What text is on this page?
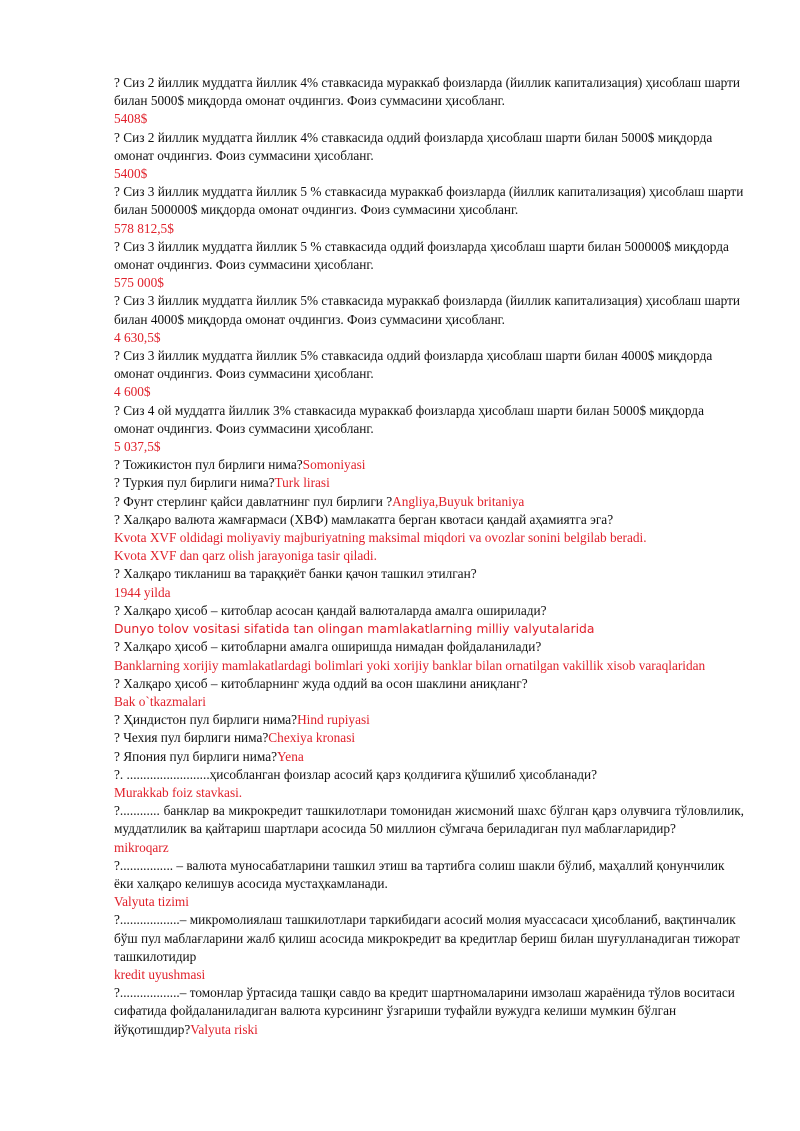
? Сиз 2 йиллик муддатга йиллик 4% ставкасида мураккаб фоизларда (йиллик капитализация) ҳисоблаш шарти билан 5000$ миқдорда омонат очдингиз. Фоиз суммасини ҳисобланг.
5408$
? Сиз 2 йиллик муддатга йиллик 4% ставкасида оддий фоизларда ҳисоблаш шарти билан 5000$ миқдорда омонат очдингиз. Фоиз суммасини ҳисобланг.
5400$
? Сиз 3 йиллик муддатга йиллик 5 % ставкасида мураккаб фоизларда (йиллик капитализация) ҳисоблаш шарти билан 500000$ миқдорда омонат очдингиз. Фоиз суммасини ҳисобланг.
578 812,5$
? Сиз 3 йиллик муддатга йиллик 5 % ставкасида оддий фоизларда ҳисоблаш шарти билан 500000$ миқдорда омонат очдингиз. Фоиз суммасини ҳисобланг.
575 000$
? Сиз 3 йиллик муддатга йиллик 5% ставкасида мураккаб фоизларда (йиллик капитализация) ҳисоблаш шарти билан 4000$ миқдорда омонат очдингиз. Фоиз суммасини ҳисобланг.
4 630,5$
? Сиз 3 йиллик муддатга йиллик 5% ставкасида оддий фоизларда ҳисоблаш шарти билан 4000$ миқдорда омонат очдингиз. Фоиз суммасини ҳисобланг.
4 600$
? Сиз 4 ой муддатга йиллик 3% ставкасида мураккаб фоизларда ҳисоблаш шарти билан 5000$ миқдорда омонат очдингиз. Фоиз суммасини ҳисобланг.
5 037,5$
? Тожикистон пул бирлиги нима?Somoniyasi
? Туркия пул бирлиги нима?Turk lirasi
? Фунт стерлинг қайси давлатнинг пул бирлиги ?Angliya,Buyuk britaniya
? Халқаро валюта жамғармаси (ХВФ) мамлакатга берган квотаси қандай аҳамиятга эга?
Kvota XVF oldidagi moliyaviy majburiyatning maksimal miqdori va ovozlar sonini belgilab beradi.
Kvota XVF dan qarz olish jarayoniga tasir qiladi.
? Халқаро тикланиш ва тараққиёт банки қачон ташкил этилган?
1944 yilda
? Халқаро ҳисоб – китоблар асосан қандай валюталарда амалга оширилади?
Dunyo tolov vositasi sifatida tan olingan mamlakatlarning milliy valyutalarida
? Халқаро ҳисоб – китобларни амалга оширишда нимадан фойдаланилади?
Banklarning xorijiy mamlakatlardagi bolimlari yoki xorijiy banklar bilan ornatilgan vakillik xisob varaqlaridan
? Халқаро ҳисоб – китобларнинг жуда оддий ва осон шаклини аниқланг?
Bak o`tkazmalari
? Ҳиндистон пул бирлиги нима?Hind rupiyasi
? Чехия пул бирлиги нима?Chexiya kronasi
? Япония пул бирлиги нима?Yena
?. .........................ҳисобланган фоизлар асосий қарз қолдиғига қўшилиб ҳисобланади?
Murakkab foiz stavkasi.
?............ банклар ва микрокредит ташкилотлари томонидан жисмоний шахс бўлган қарз олувчига тўловлилик, муддатлилик ва қайтариш шартлари асосида 50 миллион сўмгача бериладиган пул маблағларидир?
mikroqarz
?................ – валюта муносабатларини ташкил этиш ва тартибга солиш шакли бўлиб, маҳаллий қонунчилик ёки халқаро келишув асосида мустаҳкамланади.
Valyuta tizimi
?..................– микромолиялаш ташкилотлари таркибидаги асосий молия муассасаси ҳисобланиб, вақтинчалик бўш пул маблағларини жалб қилиш асосида микрокредит ва кредитлар бериш билан шуғулланадиган тижорат ташкилотидир
kredit uyushmasi
?..................– томонлар ўртасида ташқи савдо ва кредит шартномаларини имзолаш жараёнида тўлов воситаси сифатида фойдаланиладиган валюта курсининг ўзгариши туфайли вужудга келиши мумкин бўлган йўқотишдир?Valyuta riski
